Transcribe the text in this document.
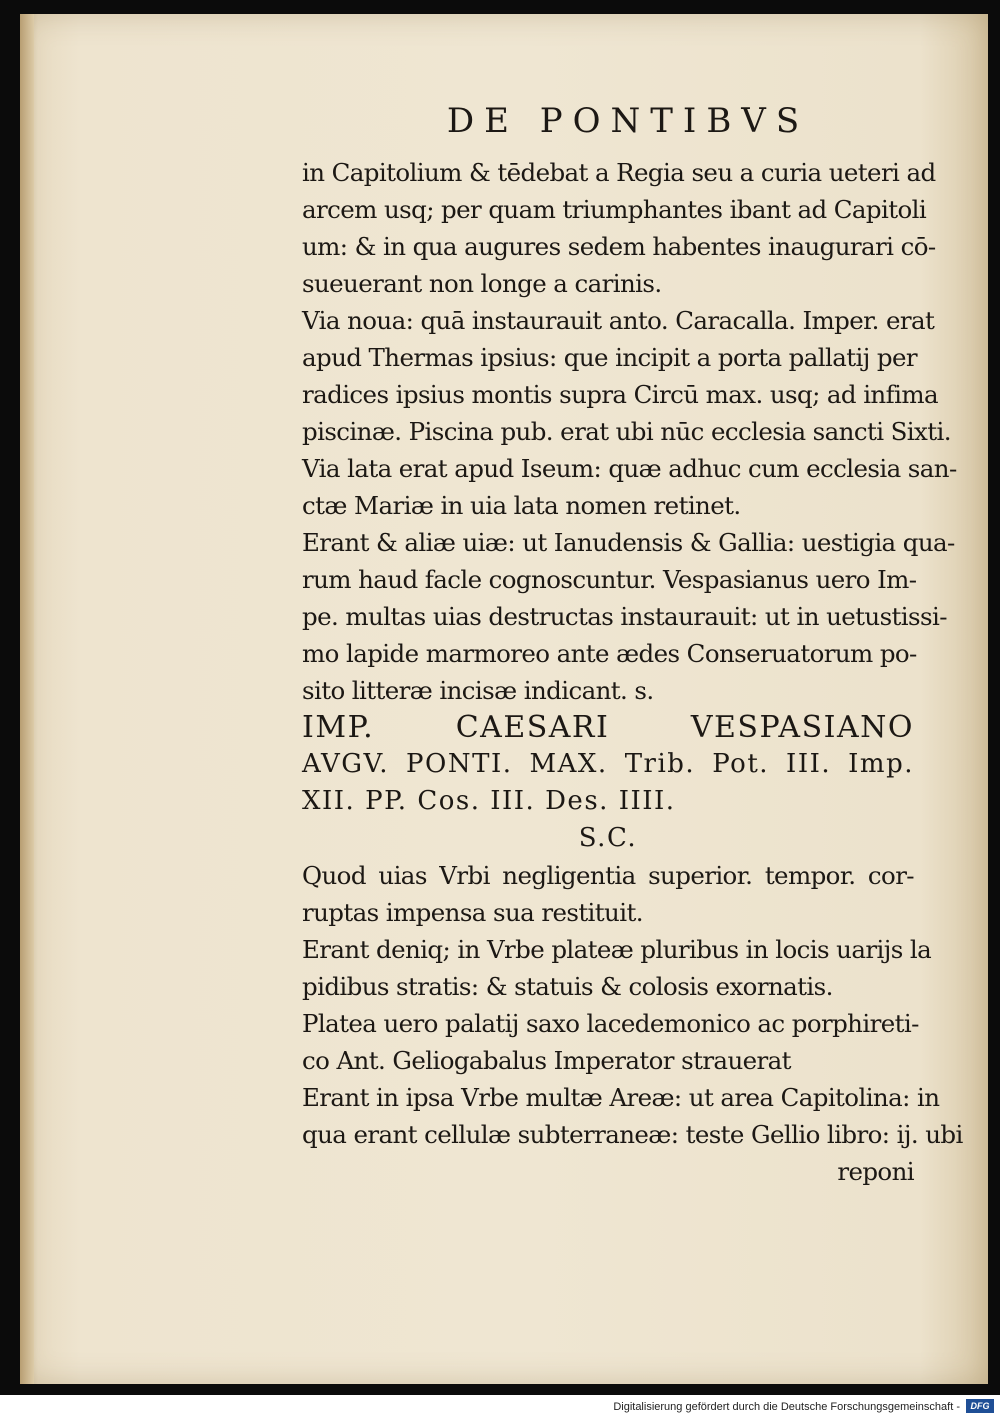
DE PONTIBVS
in Capitolium & tēdebat a Regia seu a curia ueteri ad
arcem usq; per quam triumphantes ibant ad Capitoli
um: & in qua augures sedem habentes inaugurari cō-
sueuerant non longe a carinis.
Via noua: quā instaurauit anto. Caracalla. Imper. erat
apud Thermas ipsius: que incipit a porta pallatij per
radices ipsius montis supra Circū max. usq; ad infima
piscinæ. Piscina pub. erat ubi nūc ecclesia sancti Sixti.
Via lata erat apud Iseum: quæ adhuc cum ecclesia san-
ctæ Mariæ in uia lata nomen retinet.
Erant & aliæ uiæ: ut Ianudensis & Gallia: uestigia qua-
rum haud facle cognoscuntur. Vespasianus uero Im-
pe. multas uias destructas instaurauit: ut in uetustissi-
mo lapide marmoreo ante ædes Conseruatorum po-
sito litteræ incisæ indicant. s.
IMP. CAESARI VESPASIANO
AVGV. PONTI. MAX. Trib. Pot. III. Imp.
XII. PP. Cos. III. Des. IIII.
S.C.
Quod uias Vrbi negligentia superior. tempor. cor-
ruptas impensa sua restituit.
Erant deniq; in Vrbe plateæ pluribus in locis uarijs la
pidibus stratis: & statuis & colosis exornatis.
Platea uero palatij saxo lacedemonico ac porphireti-
co Ant. Geliogabalus Imperator strauerat
Erant in ipsa Vrbe multæ Areæ: ut area Capitolina: in
qua erant cellulæ subterraneæ: teste Gellio libro: ij. ubi
reponi
Digitalisierung gefördert durch die Deutsche Forschungsgemeinschaft -	DFG
